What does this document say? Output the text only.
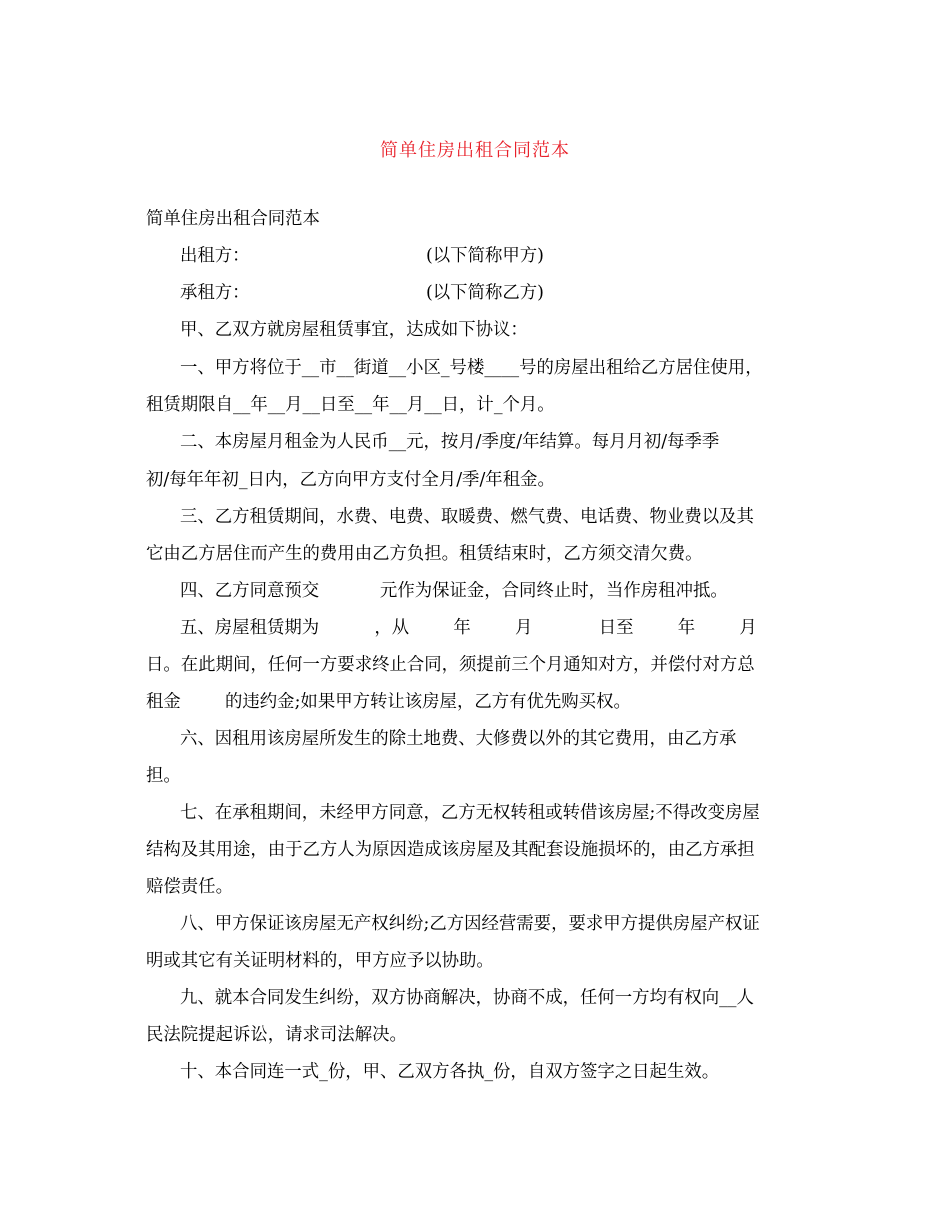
简单住房出租合同范本
简单住房出租合同范本
出租方：	(以下简称甲方)
承租方：	(以下简称乙方)
甲、乙双方就房屋租赁事宜，达成如下协议：
一、甲方将位于__市__街道__小区_号楼____号的房屋出租给乙方居住使用，
租赁期限自__年__月__日至__年__月__日，计_个月。
二、本房屋月租金为人民币__元，按月/季度/年结算。每月月初/每季季
初/每年年初_日内，乙方向甲方支付全月/季/年租金。
三、乙方租赁期间，水费、电费、取暖费、燃气费、电话费、物业费以及其
它由乙方居住而产生的费用由乙方负担。租赁结束时，乙方须交清欠费。
四、乙方同意预交           元作为保证金，合同终止时，当作房租冲抵。
五、房屋租赁期为          ，从        年        月            日至        年        月
日。在此期间，任何一方要求终止合同，须提前三个月通知对方，并偿付对方总
租金        的违约金;如果甲方转让该房屋，乙方有优先购买权。
六、因租用该房屋所发生的除土地费、大修费以外的其它费用，由乙方承
担。
七、在承租期间，未经甲方同意，乙方无权转租或转借该房屋;不得改变房屋
结构及其用途，由于乙方人为原因造成该房屋及其配套设施损坏的，由乙方承担
赔偿责任。
八、甲方保证该房屋无产权纠纷;乙方因经营需要，要求甲方提供房屋产权证
明或其它有关证明材料的，甲方应予以协助。
九、就本合同发生纠纷，双方协商解决，协商不成，任何一方均有权向__人
民法院提起诉讼，请求司法解决。
十、本合同连一式_份，甲、乙双方各执_份，自双方签字之日起生效。
